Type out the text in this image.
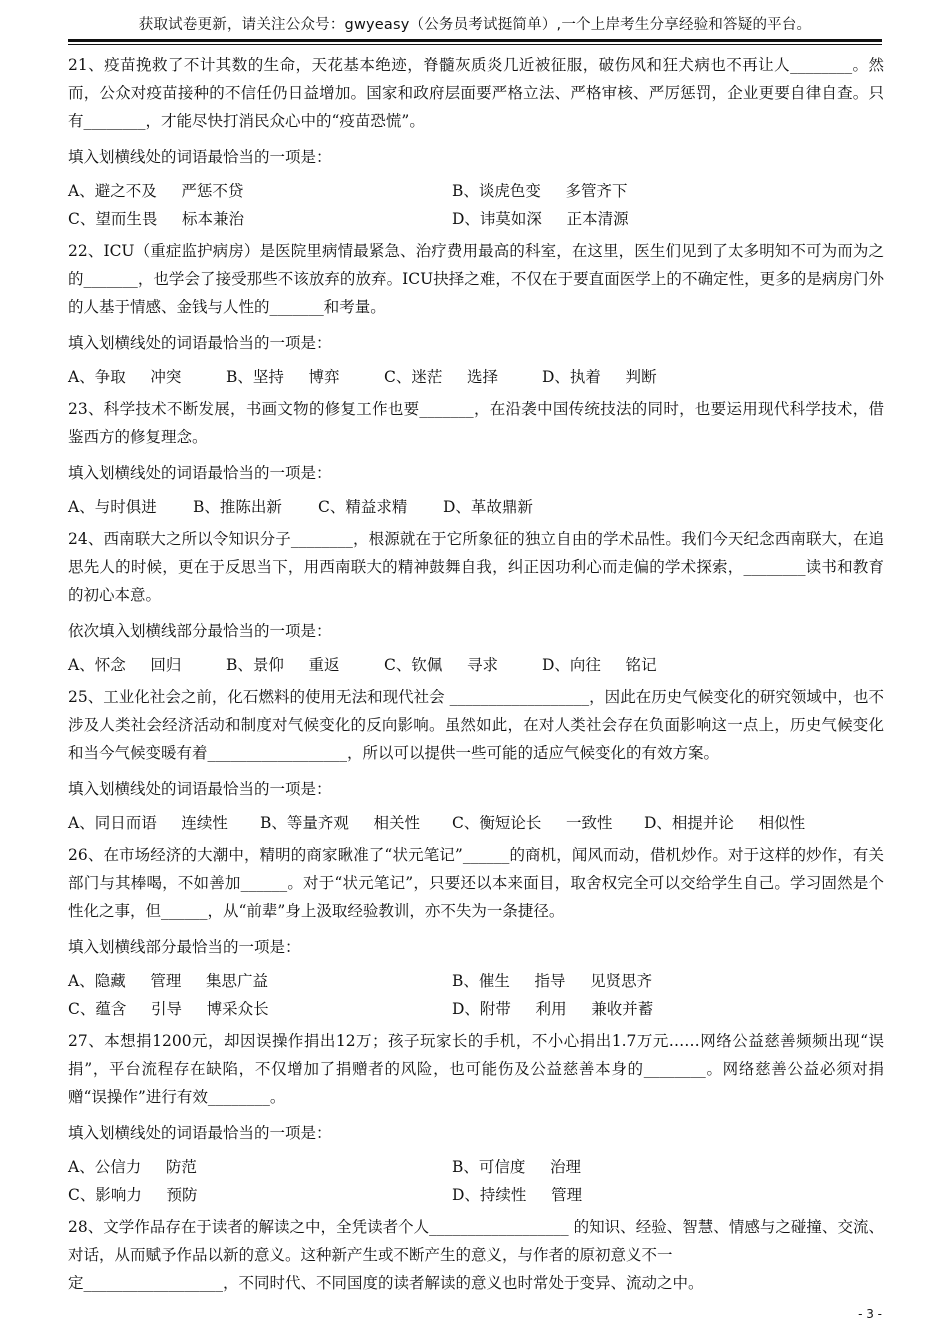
获取试卷更新，请关注公众号：gwyeasy（公务员考试挺简单）,一个上岸考生分享经验和答疑的平台。

21、疫苗挽救了不计其数的生命，天花基本绝迹，脊髓灰质炎几近被征服，破伤风和狂犬病也不再让人________。然而，公众对疫苗接种的不信任仍日益增加。国家和政府层面要严格立法、严格审核、严厉惩罚，企业更要自律自查。只有________，才能尽快打消民众心中的“疫苗恐慌”。

填入划横线处的词语最恰当的一项是：
A、避之不及     严惩不贷	B、谈虎色变     多管齐下
C、望而生畏     标本兼治	D、讳莫如深     正本清源

22、ICU（重症监护病房）是医院里病情最紧急、治疗费用最高的科室，在这里，医生们见到了太多明知不可为而为之的_______，也学会了接受那些不该放弃的放弃。ICU抉择之难，不仅在于要直面医学上的不确定性，更多的是病房门外的人基于情感、金钱与人性的_______和考量。

填入划横线处的词语最恰当的一项是：
A、争取     冲突	B、坚持     博弈	C、迷茫     选择	D、执着     判断

23、科学技术不断发展，书画文物的修复工作也要_______，在沿袭中国传统技法的同时，也要运用现代科学技术，借鉴西方的修复理念。

填入划横线处的词语最恰当的一项是：
A、与时俱进	B、推陈出新	C、精益求精	D、革故鼎新

24、西南联大之所以令知识分子________，根源就在于它所象征的独立自由的学术品性。我们今天纪念西南联大，在追思先人的时候，更在于反思当下，用西南联大的精神鼓舞自我，纠正因功利心而走偏的学术探索，________读书和教育的初心本意。

依次填入划横线部分最恰当的一项是：
A、怀念     回归	B、景仰     重返	C、钦佩     寻求	D、向往     铭记

25、工业化社会之前，化石燃料的使用无法和现代社会 __________________，因此在历史气候变化的研究领域中，也不涉及人类社会经济活动和制度对气候变化的反向影响。虽然如此，在对人类社会存在负面影响这一点上，历史气候变化和当今气候变暖有着__________________，所以可以提供一些可能的适应气候变化的有效方案。

填入划横线处的词语最恰当的一项是：
A、同日而语     连续性	B、等量齐观     相关性	C、衡短论长     一致性	D、相提并论     相似性

26、在市场经济的大潮中，精明的商家瞅准了“状元笔记”______的商机，闻风而动，借机炒作。对于这样的炒作，有关部门与其棒喝，不如善加______。对于“状元笔记”，只要还以本来面目，取舍权完全可以交给学生自己。学习固然是个性化之事，但______，从“前辈”身上汲取经验教训，亦不失为一条捷径。

填入划横线部分最恰当的一项是：
A、隐藏     管理     集思广益	B、催生     指导     见贤思齐
C、蕴含     引导     博采众长	D、附带     利用     兼收并蓄

27、本想捐1200元，却因误操作捐出12万；孩子玩家长的手机，不小心捐出1.7万元……网络公益慈善频频出现“误捐”，平台流程存在缺陷，不仅增加了捐赠者的风险，也可能伤及公益慈善本身的________。网络慈善公益必须对捐赠“误操作”进行有效________。

填入划横线处的词语最恰当的一项是：
A、公信力     防范	B、可信度     治理
C、影响力     预防	D、持续性     管理

28、文学作品存在于读者的解读之中，全凭读者个人__________________ 的知识、经验、智慧、情感与之碰撞、交流、对话，从而赋予作品以新的意义。这种新产生或不断产生的意义，与作者的原初意义不一

定__________________，不同时代、不同国度的读者解读的意义也时常处于变异、流动之中。

- 3 -
